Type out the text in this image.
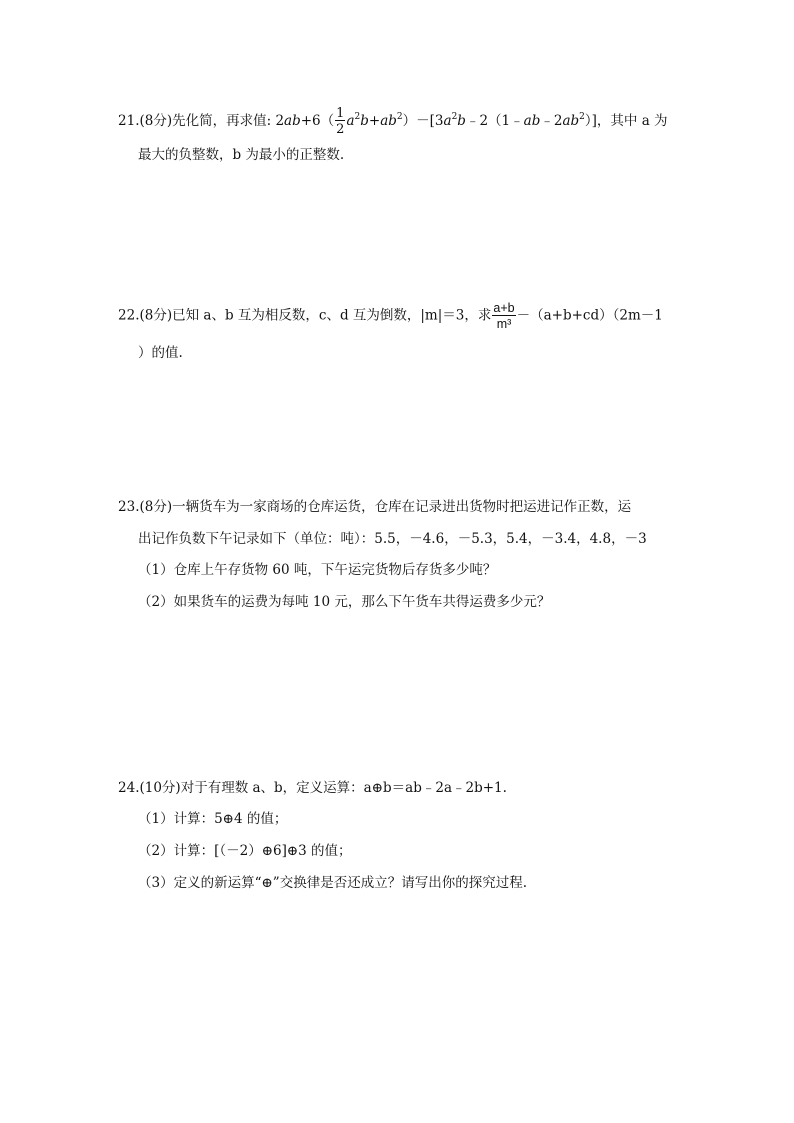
21.(8分)先化简，再求值: $2ab+6( \frac{1}{2}$ $a^2b+ab^2)-[3a^2b﹣2(1﹣ab﹣2ab^2)]$，其中 a 为
最大的负整数，b 为最小的正整数.
22.(8分)已知 a、b 互为相反数，c、d 互为倒数，|m|＝3，求 $\frac{a+b}{\text{m³}} -(a+b+cd)(2m-1$
）的值.
23.(8分)一辆货车为一家商场的仓库运货，仓库在记录进出货物时把运进记作正数，运
出记作负数下午记录如下（单位：吨）：5.5，－4.6，－5.3，5.4，－3.4，4.8，－3
（1）仓库上午存货物 60 吨，下午运完货物后存货多少吨？
（2）如果货车的运费为每吨 10 元，那么下午货车共得运费多少元？
24.(10分)对于有理数 a、b，定义运算：a⊕b＝ab﹣2a﹣2b+1.
（1）计算：5⊕4 的值；
（2）计算：[（－2）⊕6]⊕3 的值；
（3）定义的新运算“⊕”交换律是否还成立？请写出你的探究过程.
